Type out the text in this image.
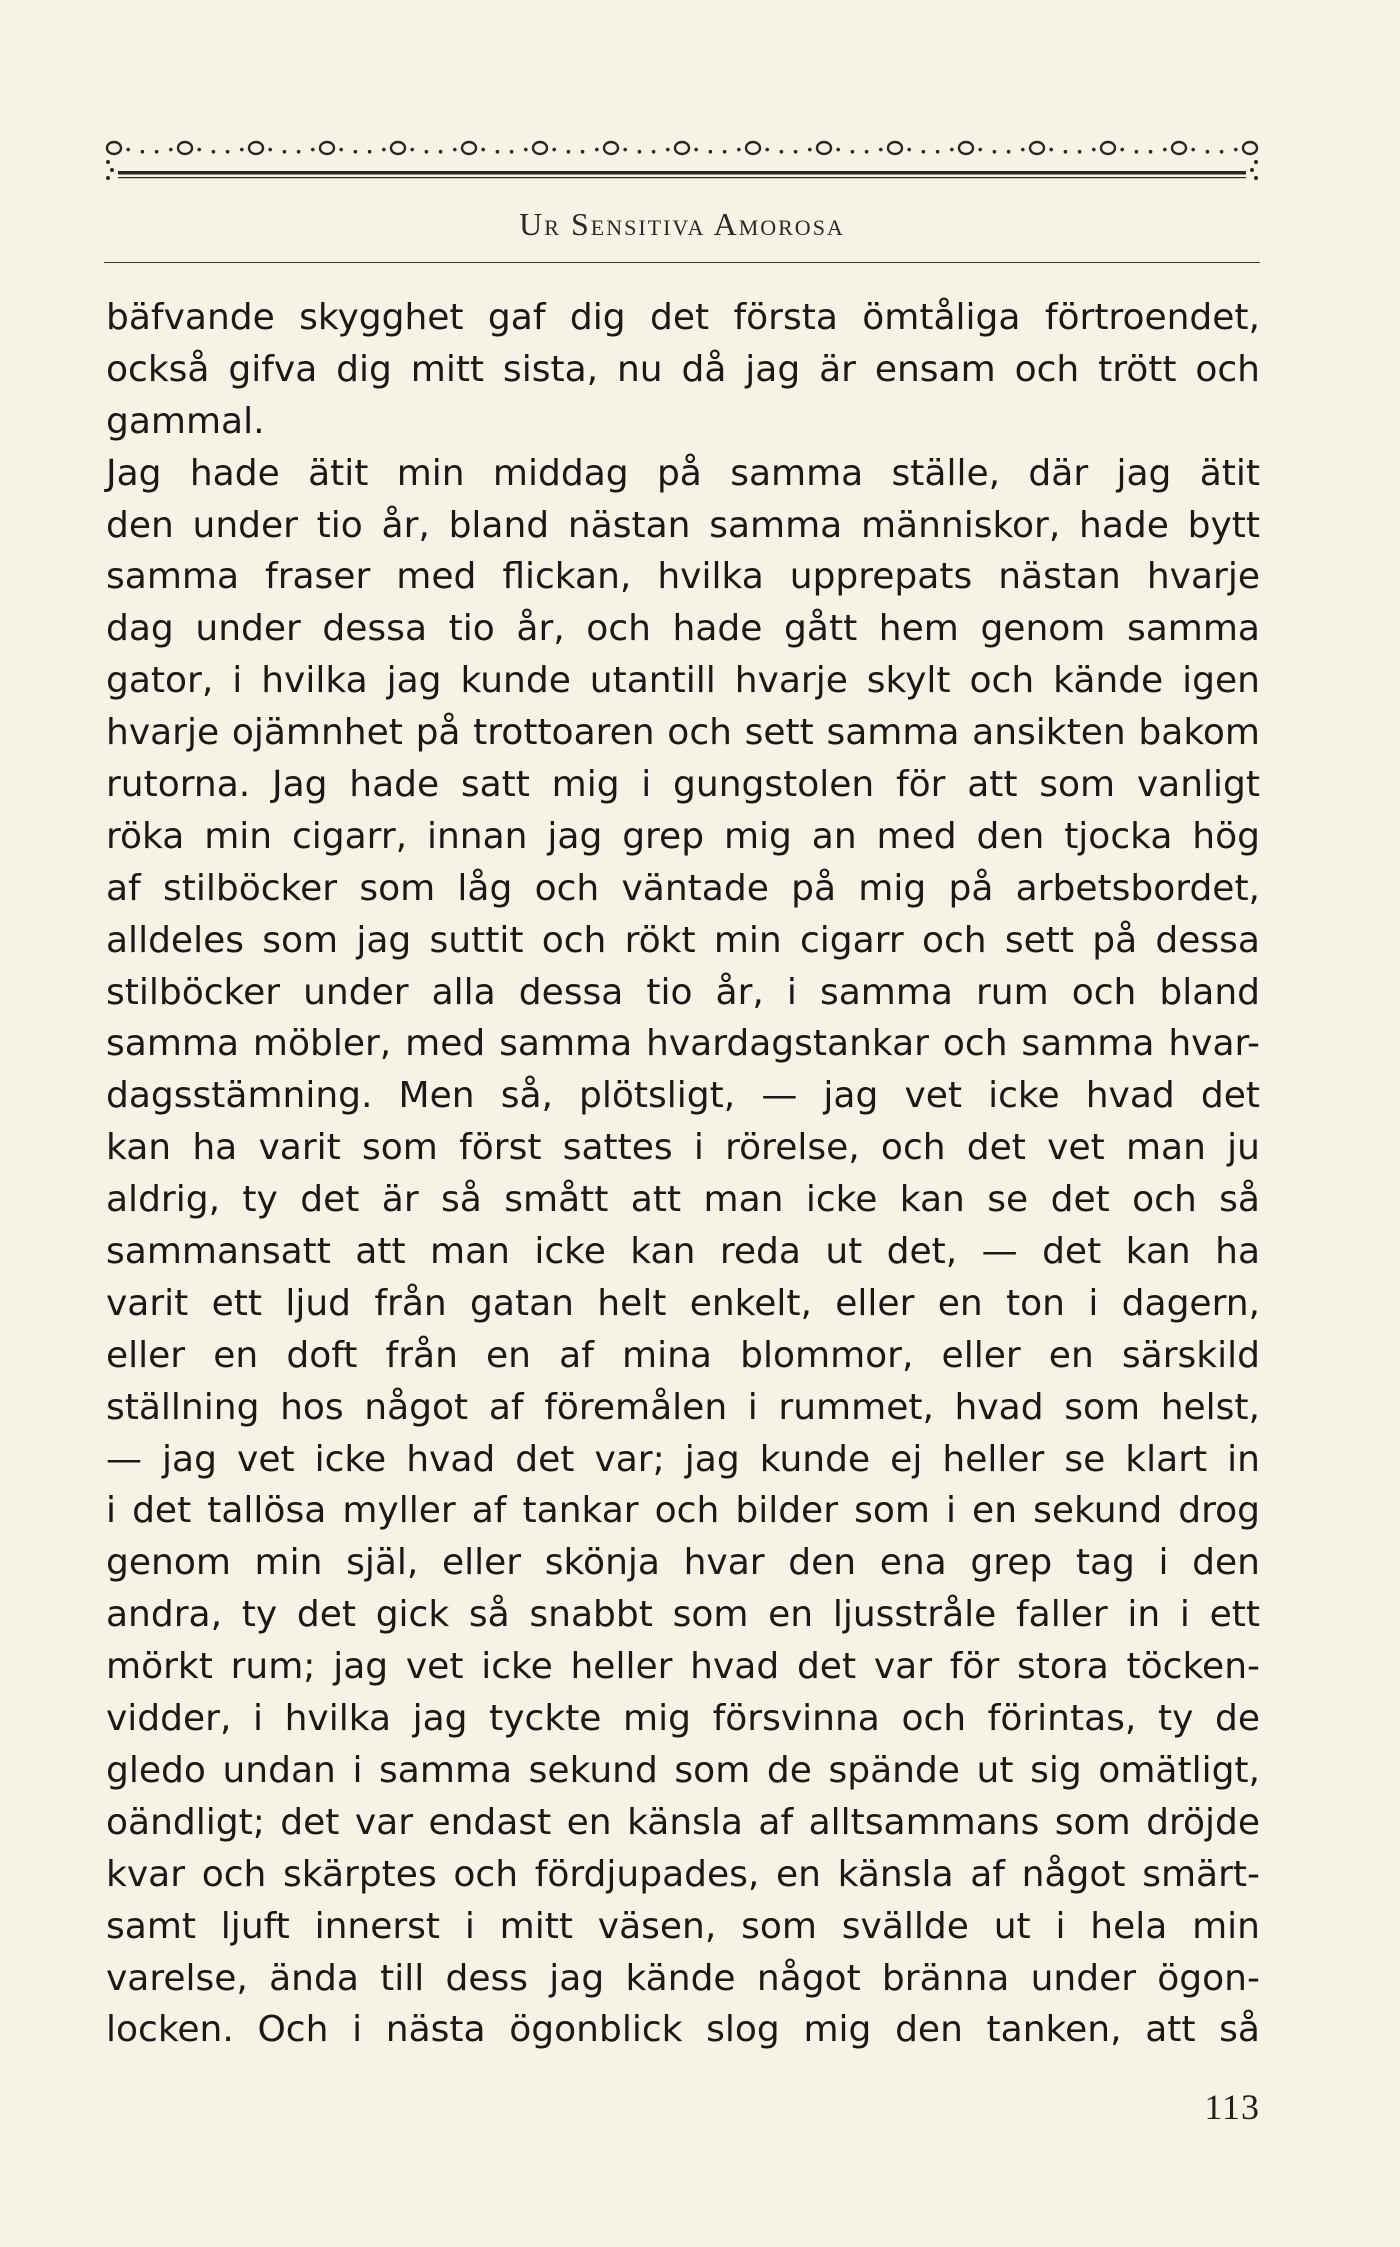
Ur Sensitiva Amorosa
bäfvande skygghet gaf dig det första ömtåliga förtroendet,
också gifva dig mitt sista, nu då jag är ensam och trött och
gammal.
Jag hade ätit min middag på samma ställe, där jag ätit
den under tio år, bland nästan samma människor, hade bytt
samma fraser med flickan, hvilka upprepats nästan hvarje
dag under dessa tio år, och hade gått hem genom samma
gator, i hvilka jag kunde utantill hvarje skylt och kände igen
hvarje ojämnhet på trottoaren och sett samma ansikten bakom
rutorna. Jag hade satt mig i gungstolen för att som vanligt
röka min cigarr, innan jag grep mig an med den tjocka hög
af stilböcker som låg och väntade på mig på arbetsbordet,
alldeles som jag suttit och rökt min cigarr och sett på dessa
stilböcker under alla dessa tio år, i samma rum och bland
samma möbler, med samma hvardagstankar och samma hvar-
dagsstämning. Men så, plötsligt, — jag vet icke hvad det
kan ha varit som först sattes i rörelse, och det vet man ju
aldrig, ty det är så smått att man icke kan se det och så
sammansatt att man icke kan reda ut det, — det kan ha
varit ett ljud från gatan helt enkelt, eller en ton i dagern,
eller en doft från en af mina blommor, eller en särskild
ställning hos något af föremålen i rummet, hvad som helst,
— jag vet icke hvad det var; jag kunde ej heller se klart in
i det tallösa myller af tankar och bilder som i en sekund drog
genom min själ, eller skönja hvar den ena grep tag i den
andra, ty det gick så snabbt som en ljusstråle faller in i ett
mörkt rum; jag vet icke heller hvad det var för stora töcken-
vidder, i hvilka jag tyckte mig försvinna och förintas, ty de
gledo undan i samma sekund som de spände ut sig omätligt,
oändligt; det var endast en känsla af alltsammans som dröjde
kvar och skärptes och fördjupades, en känsla af något smärt-
samt ljuft innerst i mitt väsen, som svällde ut i hela min
varelse, ända till dess jag kände något bränna under ögon-
locken. Och i nästa ögonblick slog mig den tanken, att så
113
